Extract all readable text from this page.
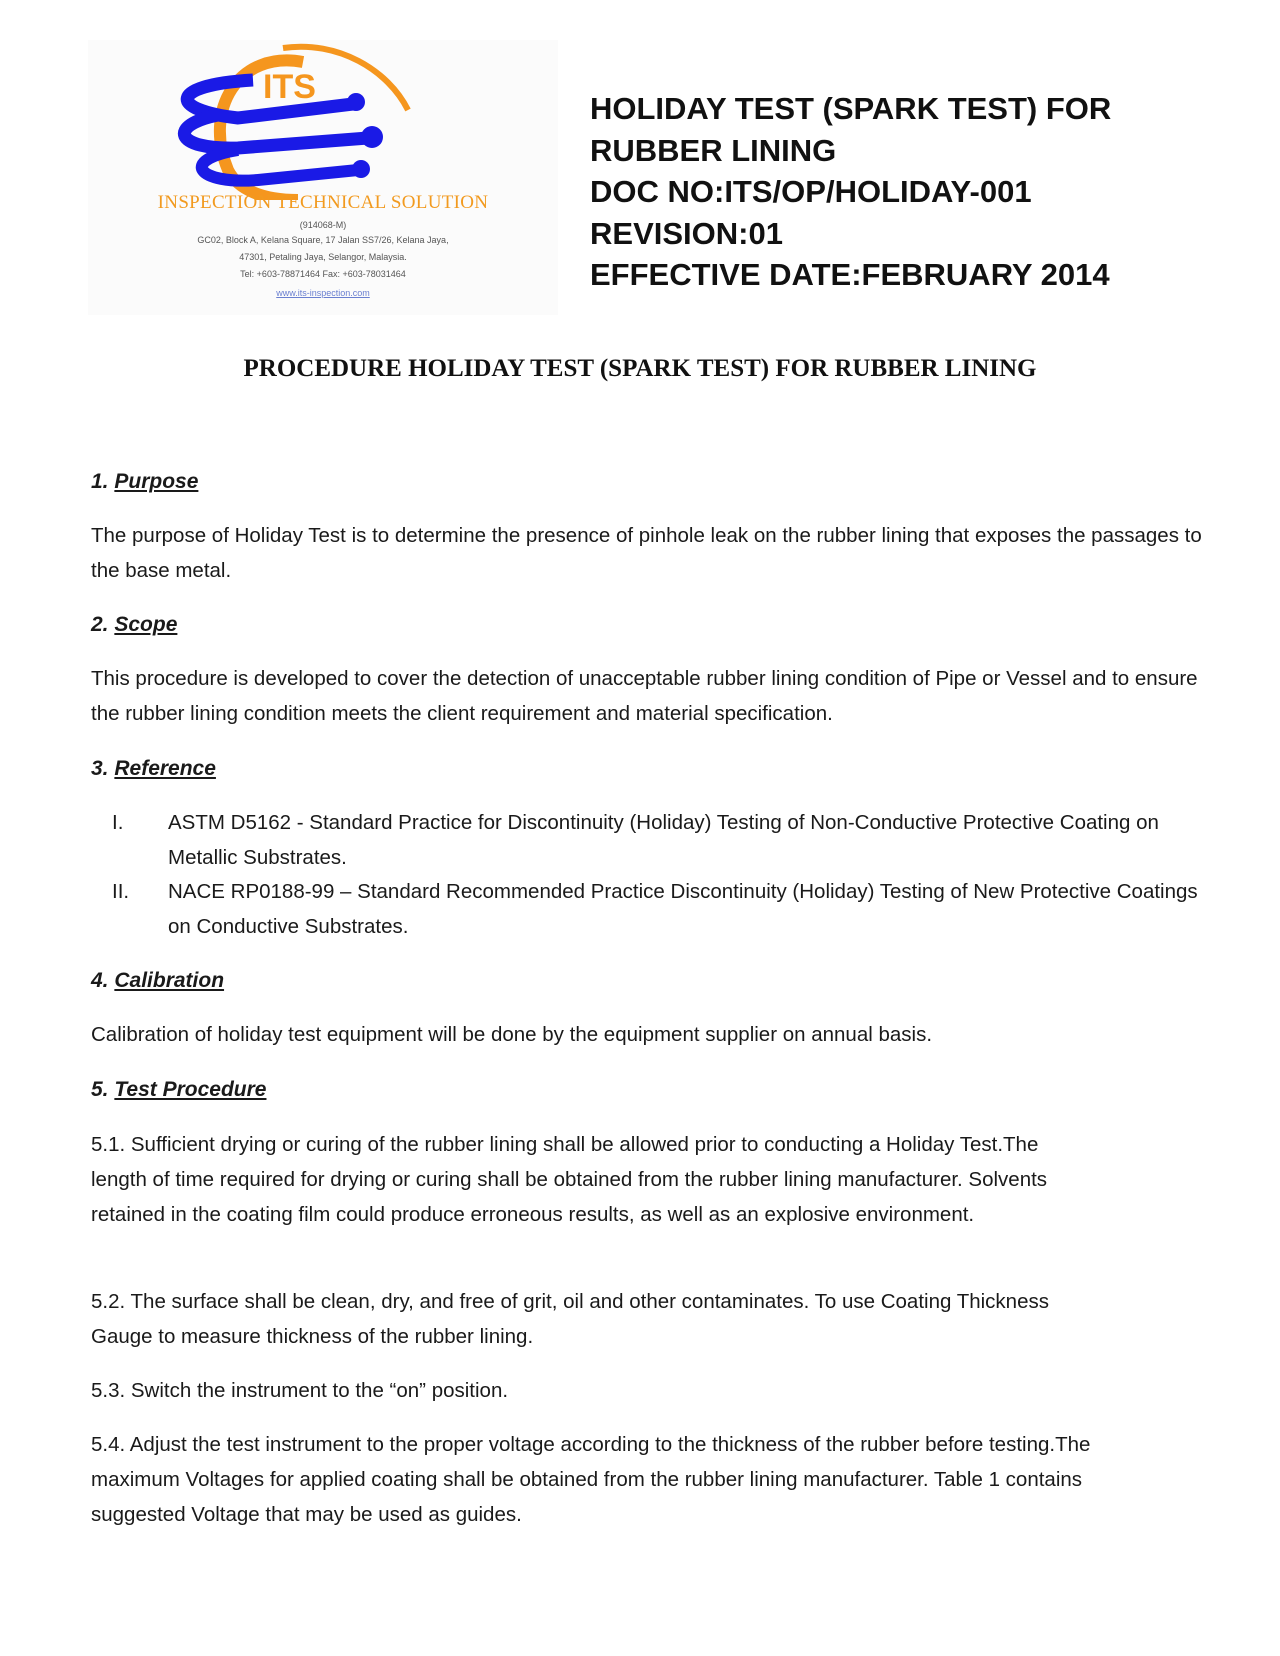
ITS
INSPECTION TECHNICAL SOLUTION
(914068-M)
GC02, Block A, Kelana Square, 17 Jalan SS7/26, Kelana Jaya,
47301, Petaling Jaya, Selangor, Malaysia.
Tel: +603-78871464 Fax: +603-78031464
www.its-inspection.com
HOLIDAY TEST (SPARK TEST) FOR
RUBBER LINING
DOC NO:ITS/OP/HOLIDAY-001
REVISION:01
EFFECTIVE DATE:FEBRUARY 2014
PROCEDURE HOLIDAY TEST (SPARK TEST) FOR RUBBER LINING
1. Purpose
The purpose of Holiday Test is to determine the presence of pinhole leak on the rubber lining that exposes the passages to the base metal.
2. Scope
This procedure is developed to cover the detection of unacceptable rubber lining condition of Pipe or Vessel and to ensure the rubber lining condition meets the client requirement and material specification.
3. Reference
I. ASTM D5162 - Standard Practice for Discontinuity (Holiday) Testing of Non-Conductive Protective Coating on Metallic Substrates.
II. NACE RP0188-99 – Standard Recommended Practice Discontinuity (Holiday) Testing of New Protective Coatings on Conductive Substrates.
4. Calibration
Calibration of holiday test equipment will be done by the equipment supplier on annual basis.
5. Test Procedure
5.1. Sufficient drying or curing of the rubber lining shall be allowed prior to conducting a Holiday Test.The length of time required for drying or curing shall be obtained from the rubber lining manufacturer. Solvents retained in the coating film could produce erroneous results, as well as an explosive environment.
5.2. The surface shall be clean, dry, and free of grit, oil and other contaminates. To use Coating Thickness Gauge to measure thickness of the rubber lining.
5.3. Switch the instrument to the “on” position.
5.4. Adjust the test instrument to the proper voltage according to the thickness of the rubber before testing.The maximum Voltages for applied coating shall be obtained from the rubber lining manufacturer. Table 1 contains suggested Voltage that may be used as guides.
